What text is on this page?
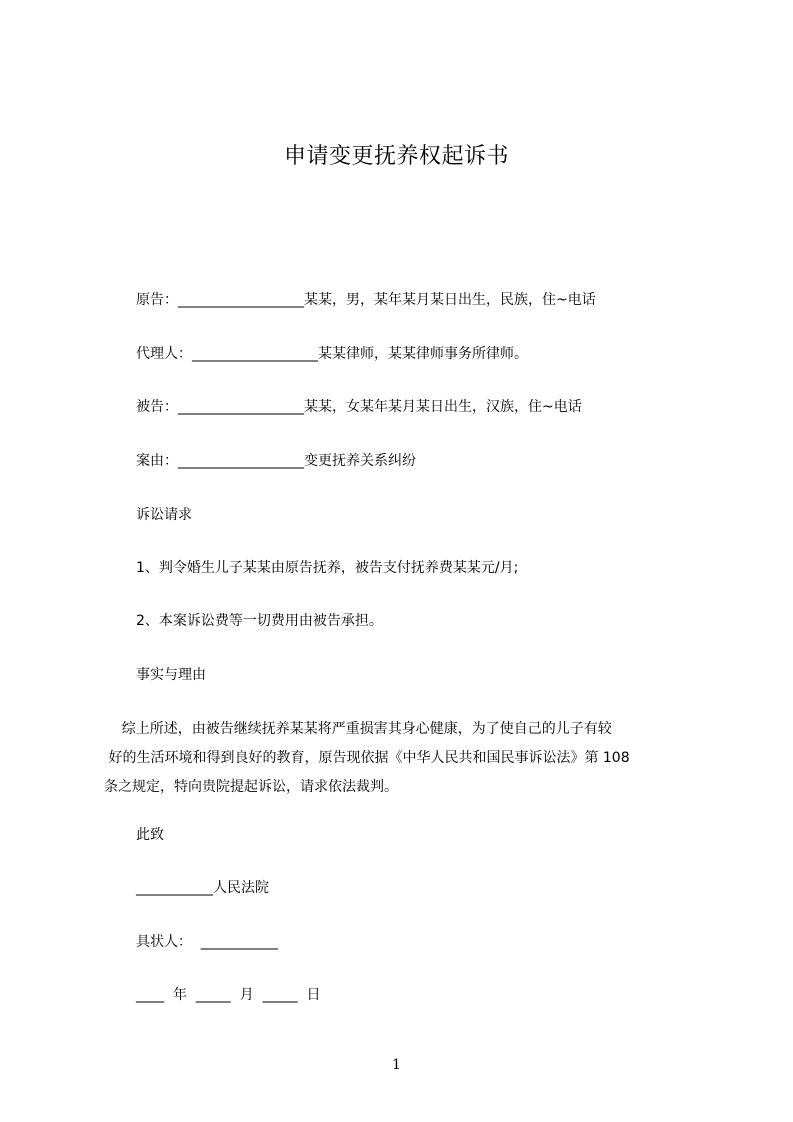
申请变更抚养权起诉书
原告：__________________某某，男，某年某月某日出生，民族，住~电话
代理人：__________________某某律师，某某律师事务所律师。
被告：__________________某某，女某年某月某日出生，汉族，住~电话
案由：__________________变更抚养关系纠纷
诉讼请求
1、判令婚生儿子某某由原告抚养，被告支付抚养费某某元/月;
2、本案诉讼费等一切费用由被告承担。
事实与理由
综上所述，由被告继续抚养某某将严重损害其身心健康，为了使自己的儿子有较
好的生活环境和得到良好的教育，原告现依据《中华人民共和国民事诉讼法》第 108
条之规定，特向贵院提起诉讼，请求依法裁判。
此致
___________人民法院
具状人：  ___________
____  年  _____  月  _____  日
1
